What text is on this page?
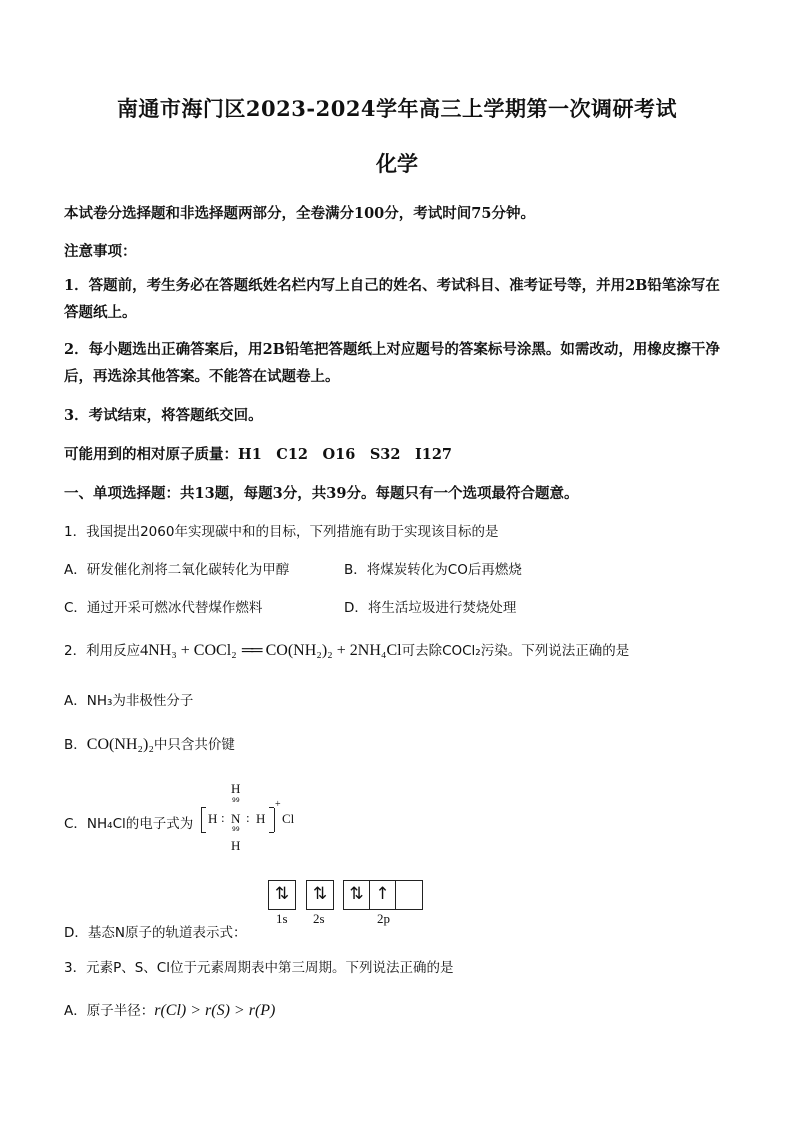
南通市海门区2023-2024学年高三上学期第一次调研考试
化学
本试卷分选择题和非选择题两部分，全卷满分100分，考试时间75分钟。
注意事项：
1．答题前，考生务必在答题纸姓名栏内写上自己的姓名、考试科目、准考证号等，并用2B铅笔涂写在答题纸上。
2．每小题选出正确答案后，用2B铅笔把答题纸上对应题号的答案标号涂黑。如需改动，用橡皮擦干净后，再选涂其他答案。不能答在试题卷上。
3．考试结束，将答题纸交回。
可能用到的相对原子质量：H1　C12　O16　S32　I127
一、单项选择题：共13题，每题3分，共39分。每题只有一个选项最符合题意。
1．我国提出2060年实现碳中和的目标，下列措施有助于实现该目标的是
A．研发催化剂将二氧化碳转化为甲醇	B．将煤炭转化为CO后再燃烧
C．通过开采可燃冰代替煤作燃料	D．将生活垃圾进行焚烧处理
2．利用反应4NH₃ + COCl₂ ══ CO(NH₂)₂ + 2NH₄Cl可去除COCl₂污染。下列说法正确的是
A．NH₃为非极性分子
B．CO(NH₂)₂中只含共价键
C．NH₄Cl的电子式为
H
99
H : N : H
99
H
+
Cl
D．基态N原子的轨道表示式：
⇅	⇅	⇅ ↑
1s 2s	2p
3．元素P、S、Cl位于元素周期表中第三周期。下列说法正确的是
A．原子半径：r(Cl) > r(S) > r(P)
